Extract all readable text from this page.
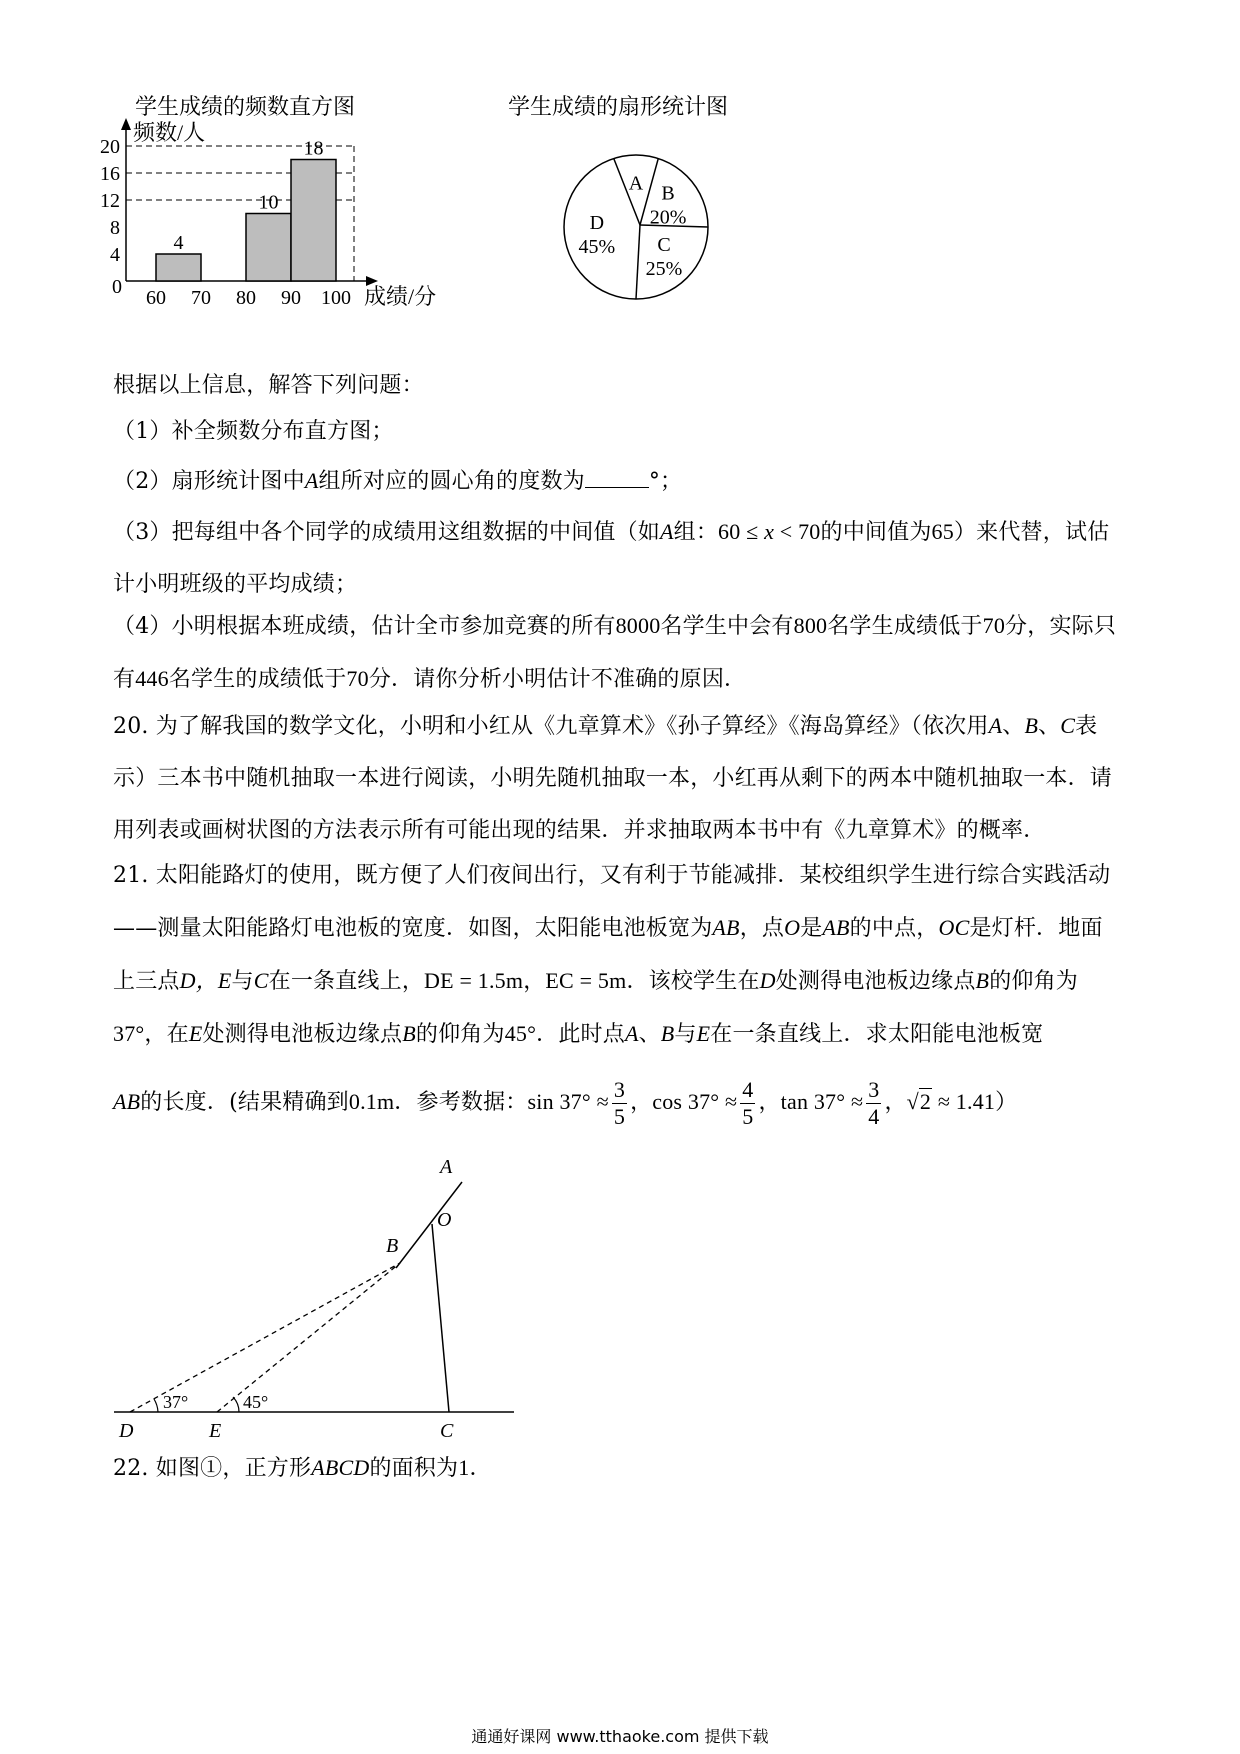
学生成绩的频数直方图
频数/人
0	成绩/分
4
10
18
4
8
12
16
20
60 70 80 90 100
学生成绩的扇形统计图
A B
20%
C
25%
D
45%
根据以上信息，解答下列问题：
（1）补全频数分布直方图；
（2）扇形统计图中A组所对应的圆心角的度数为	°；
（3）把每组中各个同学的成绩用这组数据的中间值（如A组：60 ≤ x < 70的中间值为65）来代替，试估计小明班级的平均成绩；
（4）小明根据本班成绩，估计全市参加竞赛的所有8000名学生中会有800名学生成绩低于70分，实际只有446名学生的成绩低于70分．请你分析小明估计不准确的原因．
20. 为了解我国的数学文化，小明和小红从《九章算术》《孙子算经》《海岛算经》（依次用A、B、C表示）三本书中随机抽取一本进行阅读，小明先随机抽取一本，小红再从剩下的两本中随机抽取一本．请用列表或画树状图的方法表示所有可能出现的结果．并求抽取两本书中有《九章算术》的概率．
21. 太阳能路灯的使用，既方便了人们夜间出行，又有利于节能减排．某校组织学生进行综合实践活动——测量太阳能路灯电池板的宽度．如图，太阳能电池板宽为AB，点O是AB的中点，OC是灯杆．地面上三点D，E与C在一条直线上，DE = 1.5m，EC = 5m．该校学生在D处测得电池板边缘点B的仰角为37°，在E处测得电池板边缘点B的仰角为45°．此时点A、B与E在一条直线上．求太阳能电池板宽
AB的长度．(结果精确到0.1m．参考数据：$\sin 37^\circ \approx \frac{3}{5}$ ，$\cos 37^\circ \approx \frac{4}{5}$ ，$\tan 37^\circ \approx \frac{3}{4}$ ，√2 ≈ 1.41）
A
O
B
D	E	C
37°	45°
22. 如图①，正方形ABCD的面积为1．
通通好课网 www.tthaoke.com 提供下载
